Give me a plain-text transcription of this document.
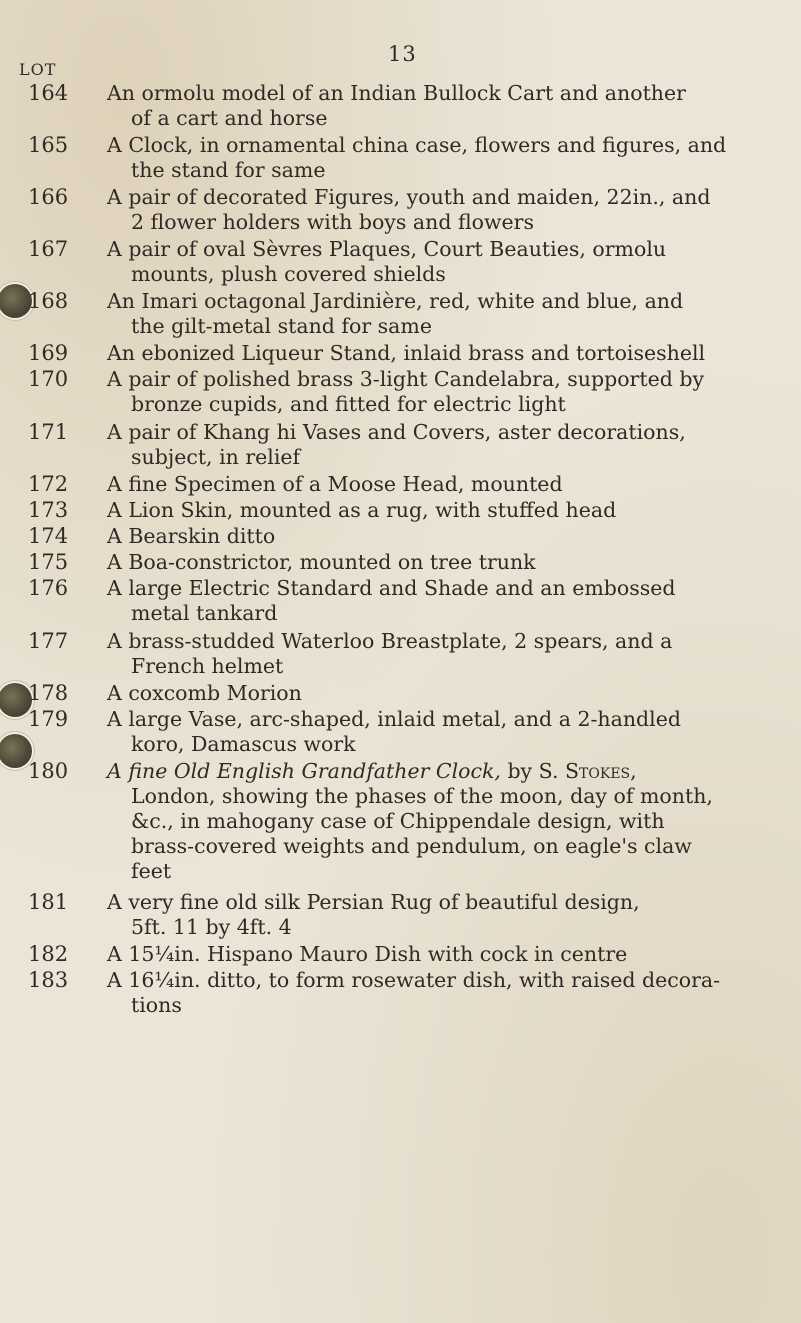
13
LOT
164	An ormolu model of an Indian Bullock Cart and another
of a cart and horse
165	A Clock, in ornamental china case, flowers and figures, and
the stand for same
166	A pair of decorated Figures, youth and maiden, 22in., and
2 flower holders with boys and flowers
167	A pair of oval Sèvres Plaques, Court Beauties, ormolu
mounts, plush covered shields
168	An Imari octagonal Jardinière, red, white and blue, and
the gilt-metal stand for same
169	An ebonized Liqueur Stand, inlaid brass and tortoiseshell
170	A pair of polished brass 3-light Candelabra, supported by
bronze cupids, and fitted for electric light
171	A pair of Khang hi Vases and Covers, aster decorations,
subject, in relief
172	A fine Specimen of a Moose Head, mounted
173	A Lion Skin, mounted as a rug, with stuffed head
174	A Bearskin ditto
175	A Boa-constrictor, mounted on tree trunk
176	A large Electric Standard and Shade and an embossed
metal tankard
177	A brass-studded Waterloo Breastplate, 2 spears, and a
French helmet
178	A coxcomb Morion
179	A large Vase, arc-shaped, inlaid metal, and a 2-handled
koro, Damascus work
180	A fine Old English Grandfather Clock, by S. Stokes,
London, showing the phases of the moon, day of month,
&c., in mahogany case of Chippendale design, with
brass-covered weights and pendulum, on eagle's claw
feet
181	A very fine old silk Persian Rug of beautiful design,
5ft. 11 by 4ft. 4
182	A 15¼in. Hispano Mauro Dish with cock in centre
183	A 16¼in. ditto, to form rosewater dish, with raised decora-
tions
